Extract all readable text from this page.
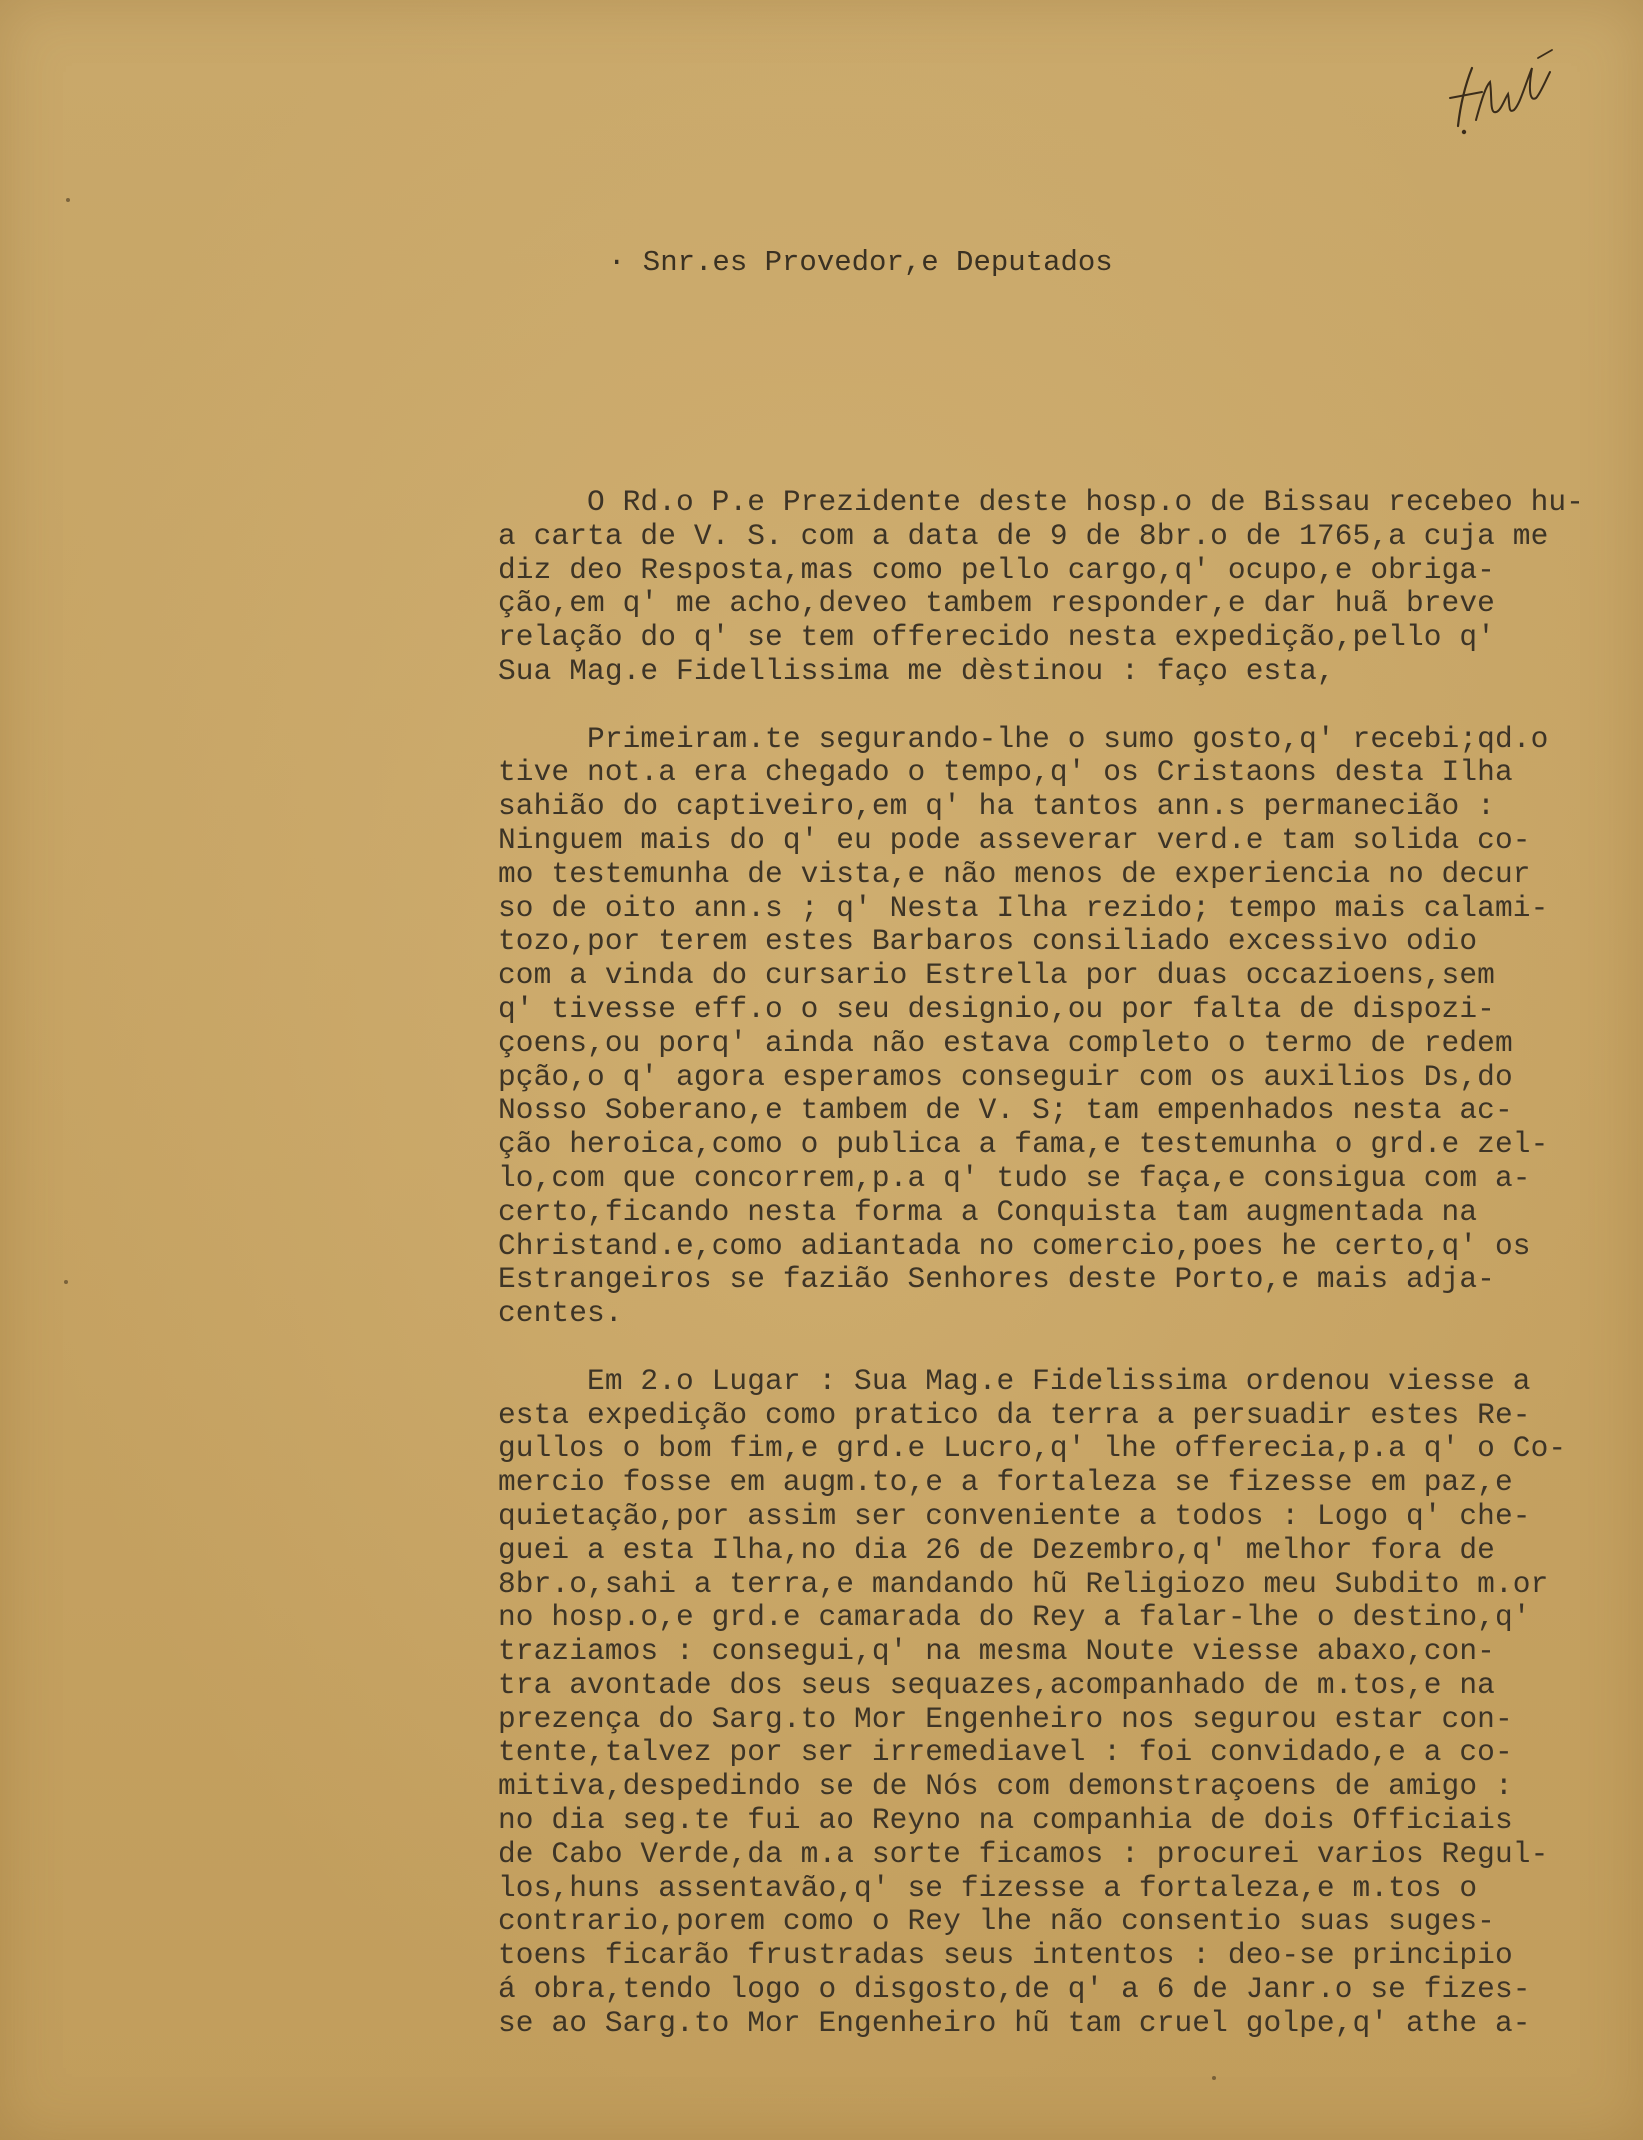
· Snr.es Provedor,e Deputados
O Rd.o P.e Prezidente deste hosp.o de Bissau recebeo hu-
a carta de V. S. com a data de 9 de 8br.o de 1765,a cuja me
diz deo Resposta,mas como pello cargo,q' ocupo,e obriga-
ção,em q' me acho,deveo tambem responder,e dar huã breve
relação do q' se tem offerecido nesta expedição,pello q'
Sua Mag.e Fidellissima me dèstinou : faço esta,
Primeiram.te segurando-lhe o sumo gosto,q' recebi;qd.o
tive not.a era chegado o tempo,q' os Cristaons desta Ilha
sahião do captiveiro,em q' ha tantos ann.s permanecião :
Ninguem mais do q' eu pode asseverar verd.e tam solida co-
mo testemunha de vista,e não menos de experiencia no decur
so de oito ann.s ; q' Nesta Ilha rezido; tempo mais calami-
tozo,por terem estes Barbaros consiliado excessivo odio
com a vinda do cursario Estrella por duas occazioens,sem
q' tivesse eff.o o seu designio,ou por falta de dispozi-
çoens,ou porq' ainda não estava completo o termo de redem
pção,o q' agora esperamos conseguir com os auxilios Ds,do
Nosso Soberano,e tambem de V. S; tam empenhados nesta ac-
ção heroica,como o publica a fama,e testemunha o grd.e zel-
lo,com que concorrem,p.a q' tudo se faça,e consigua com a-
certo,ficando nesta forma a Conquista tam augmentada na
Christand.e,como adiantada no comercio,poes he certo,q' os
Estrangeiros se fazião Senhores deste Porto,e mais adja-
centes.
Em 2.o Lugar : Sua Mag.e Fidelissima ordenou viesse a
esta expedição como pratico da terra a persuadir estes Re-
gullos o bom fim,e grd.e Lucro,q' lhe offerecia,p.a q' o Co-
mercio fosse em augm.to,e a fortaleza se fizesse em paz,e
quietação,por assim ser conveniente a todos : Logo q' che-
guei a esta Ilha,no dia 26 de Dezembro,q' melhor fora de
8br.o,sahi a terra,e mandando hũ Religiozo meu Subdito m.or
no hosp.o,e grd.e camarada do Rey a falar-lhe o destino,q'
traziamos : consegui,q' na mesma Noute viesse abaxo,con-
tra avontade dos seus sequazes,acompanhado de m.tos,e na
prezença do Sarg.to Mor Engenheiro nos segurou estar con-
tente,talvez por ser irremediavel : foi convidado,e a co-
mitiva,despedindo se de Nós com demonstraçoens de amigo :
no dia seg.te fui ao Reyno na companhia de dois Officiais
de Cabo Verde,da m.a sorte ficamos : procurei varios Regul-
los,huns assentavão,q' se fizesse a fortaleza,e m.tos o
contrario,porem como o Rey lhe não consentio suas suges-
toens ficarão frustradas seus intentos : deo-se principio
á obra,tendo logo o disgosto,de q' a 6 de Janr.o se fizes-
se ao Sarg.to Mor Engenheiro hũ tam cruel golpe,q' athe a-
